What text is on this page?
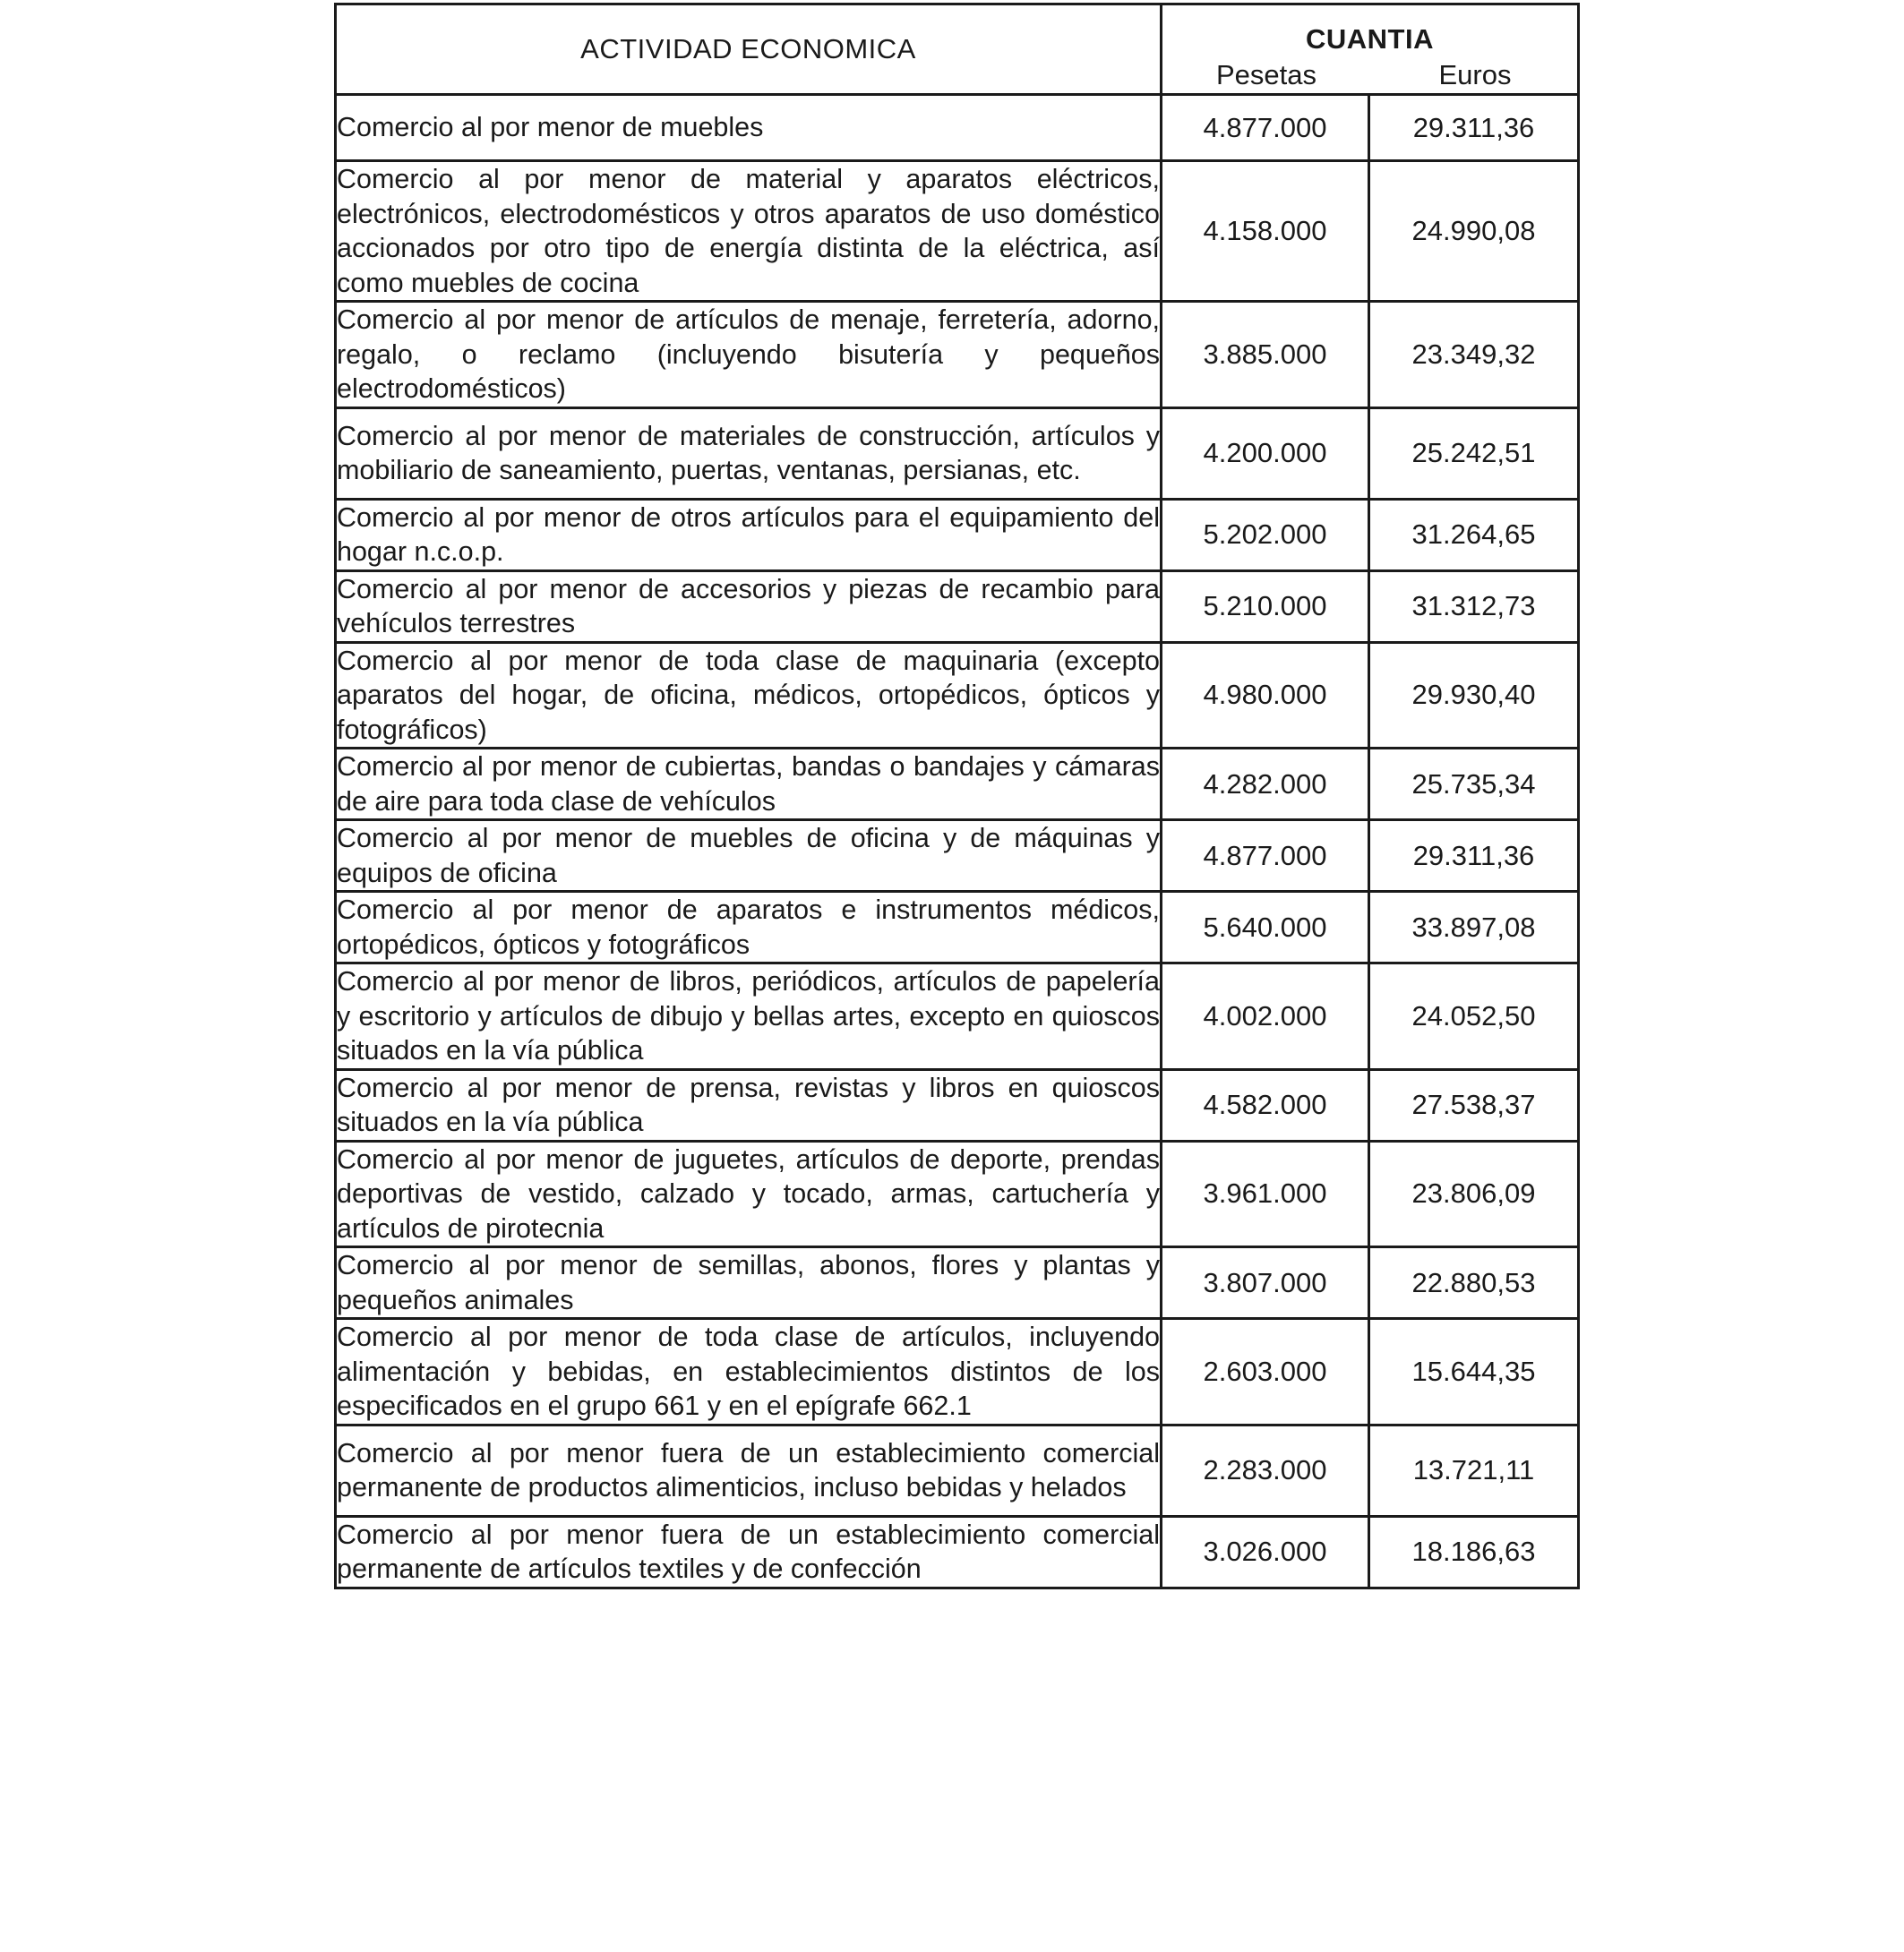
ACTIVIDAD ECONOMICA	CUANTIA
Pesetas Euros	

Comercio al por menor de muebles	4.877.000	29.311,36
Comercio al por menor de material y aparatos eléctricos, electrónicos, electrodomésticos y otros aparatos de uso doméstico accionados por otro tipo de energía distinta de la eléctrica, así como muebles de cocina	4.158.000	24.990,08
Comercio al por menor de artículos de menaje, ferretería, adorno, regalo, o reclamo (incluyendo bisutería y pequeños electrodomésticos)	3.885.000	23.349,32
Comercio al por menor de materiales de construcción, artículos y mobiliario de saneamiento, puertas, ventanas, persianas, etc.	4.200.000	25.242,51
Comercio al por menor de otros artículos para el equipamiento del hogar n.c.o.p.	5.202.000	31.264,65
Comercio al por menor de accesorios y piezas de recambio para vehículos terrestres	5.210.000	31.312,73
Comercio al por menor de toda clase de maquinaria (excepto aparatos del hogar, de oficina, médicos, ortopédicos, ópticos y fotográficos)	4.980.000	29.930,40
Comercio al por menor de cubiertas, bandas o bandajes y cámaras de aire para toda clase de vehículos	4.282.000	25.735,34
Comercio al por menor de muebles de oficina y de máquinas y equipos de oficina	4.877.000	29.311,36
Comercio al por menor de aparatos e instrumentos médicos, ortopédicos, ópticos y fotográficos	5.640.000	33.897,08
Comercio al por menor de libros, periódicos, artículos de papelería y escritorio y artículos de dibujo y bellas artes, excepto en quioscos situados en la vía pública	4.002.000	24.052,50
Comercio al por menor de prensa, revistas y libros en quioscos situados en la vía pública	4.582.000	27.538,37
Comercio al por menor de juguetes, artículos de deporte, prendas deportivas de vestido, calzado y tocado, armas, cartuchería y artículos de pirotecnia	3.961.000	23.806,09
Comercio al por menor de semillas, abonos, flores y plantas y pequeños animales	3.807.000	22.880,53
Comercio al por menor de toda clase de artículos, incluyendo alimentación y bebidas, en establecimientos distintos de los especificados en el grupo 661 y en el epígrafe 662.1	2.603.000	15.644,35
Comercio al por menor fuera de un establecimiento comercial permanente de productos alimenticios, incluso bebidas y helados	2.283.000	13.721,11
Comercio al por menor fuera de un establecimiento comercial permanente de artículos textiles y de confección	3.026.000	18.186,63
